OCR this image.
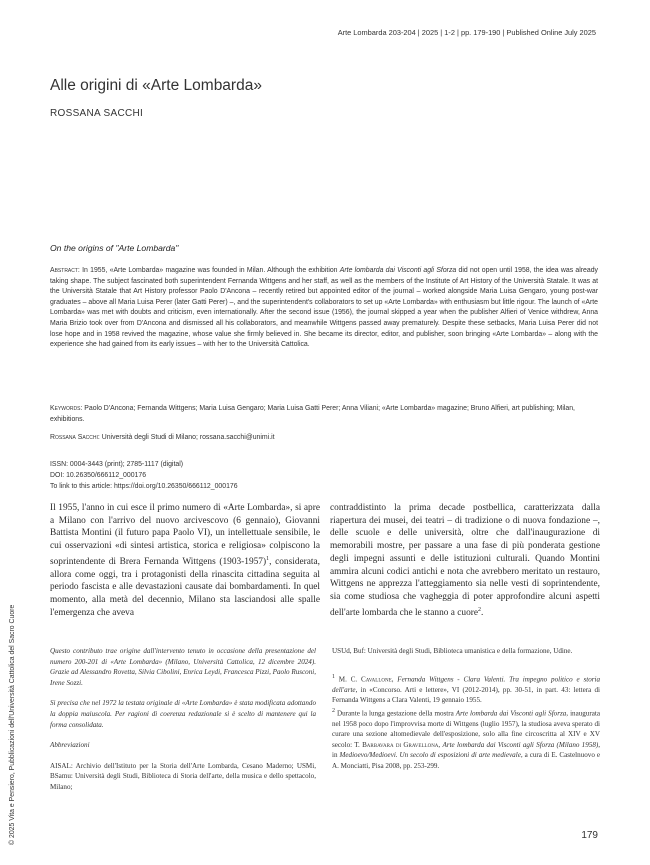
Arte Lombarda 203-204 | 2025 | 1-2 | pp. 179-190 | Published Online July 2025
Alle origini di «Arte Lombarda»
ROSSANA SACCHI
On the origins of "Arte Lombarda"

Abstract: In 1955, «Arte Lombarda» magazine was founded in Milan. Although the exhibition Arte lombarda dai Visconti agli Sforza did not open until 1958, the idea was already taking shape. The subject fascinated both superintendent Fernanda Wittgens and her staff, as well as the members of the Institute of Art History of the Università Statale. It was at the Università Statale that Art History professor Paolo D'Ancona – recently retired but appointed editor of the journal – worked alongside Maria Luisa Gengaro, young post-war graduates – above all Maria Luisa Perer (later Gatti Perer) –, and the superintendent's collaborators to set up «Arte Lombarda» with enthusiasm but little rigour. The launch of «Arte Lombarda» was met with doubts and criticism, even internationally. After the second issue (1956), the journal skipped a year when the publisher Alfieri of Venice withdrew, Anna Maria Brizio took over from D'Ancona and dismissed all his collaborators, and meanwhile Wittgens passed away prematurely. Despite these setbacks, Maria Luisa Perer did not lose hope and in 1958 revived the magazine, whose value she firmly believed in. She became its director, editor, and publisher, soon bringing «Arte Lombarda» – along with the experience she had gained from its early issues – with her to the Università Cattolica.

Keywords: Paolo D'Ancona; Fernanda Wittgens; Maria Luisa Gengaro; Maria Luisa Gatti Perer; Anna Viliani; «Arte Lombarda» magazine; Bruno Alfieri, art publishing; Milan, exhibitions.

Rossana Sacchi: Università degli Studi di Milano; rossana.sacchi@unimi.it

ISSN: 0004-3443 (print); 2785-1117 (digital)
DOI: 10.26350/666112_000176
To link to this article: https://doi.org/10.26350/666112_000176

Il 1955, l'anno in cui esce il primo numero di «Arte Lombarda», si apre a Milano con l'arrivo del nuovo arcivescovo (6 gennaio), Giovanni Battista Montini (il futuro papa Paolo VI), un intellettuale sensibile, le cui osservazioni «di sintesi artistica, storica e religiosa» colpiscono la soprintendente di Brera Fernanda Wittgens (1903-1957)$^1$, considerata, allora come oggi, tra i protagonisti della rinascita cittadina seguita al periodo fascista e alle devastazioni causate dai bombardamenti. In quel momento, alla metà del decennio, Milano sta lasciandosi alle spalle l'emergenza che aveva

contraddistinto la prima decade postbellica, caratterizzata dalla riapertura dei musei, dei teatri – di tradizione o di nuova fondazione –, delle scuole e delle università, oltre che dall'inaugurazione di memorabili mostre, per passare a una fase di più ponderata gestione degli impegni assunti e delle istituzioni culturali. Quando Montini ammira alcuni codici antichi e nota che avrebbero meritato un restauro, Wittgens ne apprezza l'atteggiamento sia nelle vesti di soprintendente, sia come studiosa che vagheggia di poter approfondire alcuni aspetti dell'arte lombarda che le stanno a cuore$^2$.

Questo contributo trae origine dall'intervento tenuto in occasione della presentazione del numero 200-201 di «Arte Lombarda» (Milano, Università Cattolica, 12 dicembre 2024). Grazie ad Alessandro Rovetta, Silvia Cibolini, Enrica Leydi, Francesca Pizzi, Paolo Rusconi, Irene Sozzi.

Si precisa che nel 1972 la testata originale di «Arte Lombarda» è stata modificata adottando la doppia maiuscola. Per ragioni di coerenza redazionale si è scelto di mantenere qui la forma consolidata.

Abbreviazioni

AISAL: Archivio dell'Istituto per la Storia dell'Arte Lombarda, Cesano Maderno; USMi, BSamu: Università degli Studi, Biblioteca di Storia dell'arte, della musica e dello spettacolo, Milano;

USUd, Buf: Università degli Studi, Biblioteca umanistica e della formazione, Udine.

$^1$ M. C. Cavallone, Fernanda Wittgens - Clara Valenti. Tra impegno politico e storia dell'arte, in «Concorso. Arti e lettere», VI (2012-2014), pp. 30-51, in part. 43: lettera di Fernanda Wittgens a Clara Valenti, 19 gennaio 1955.

$^2$ Durante la lunga gestazione della mostra Arte lombarda dai Visconti agli Sforza, inaugurata nel 1958 poco dopo l'improvvisa morte di Wittgens (luglio 1957), la studiosa aveva sperato di curare una sezione altomedievale dell'esposizione, solo alla fine circoscritta al XIV e XV secolo: T. Barbavara di Gravellona, Arte lombarda dai Visconti agli Sforza (Milano 1958), in Medioevo/Medioevi. Un secolo di esposizioni di arte medievale, a cura di E. Castelnuovo e A. Monciatti, Pisa 2008, pp. 253-299.

© 2025 Vita e Pensiero, Pubblicazioni dell'Università Cattolica del Sacro Cuore	179
